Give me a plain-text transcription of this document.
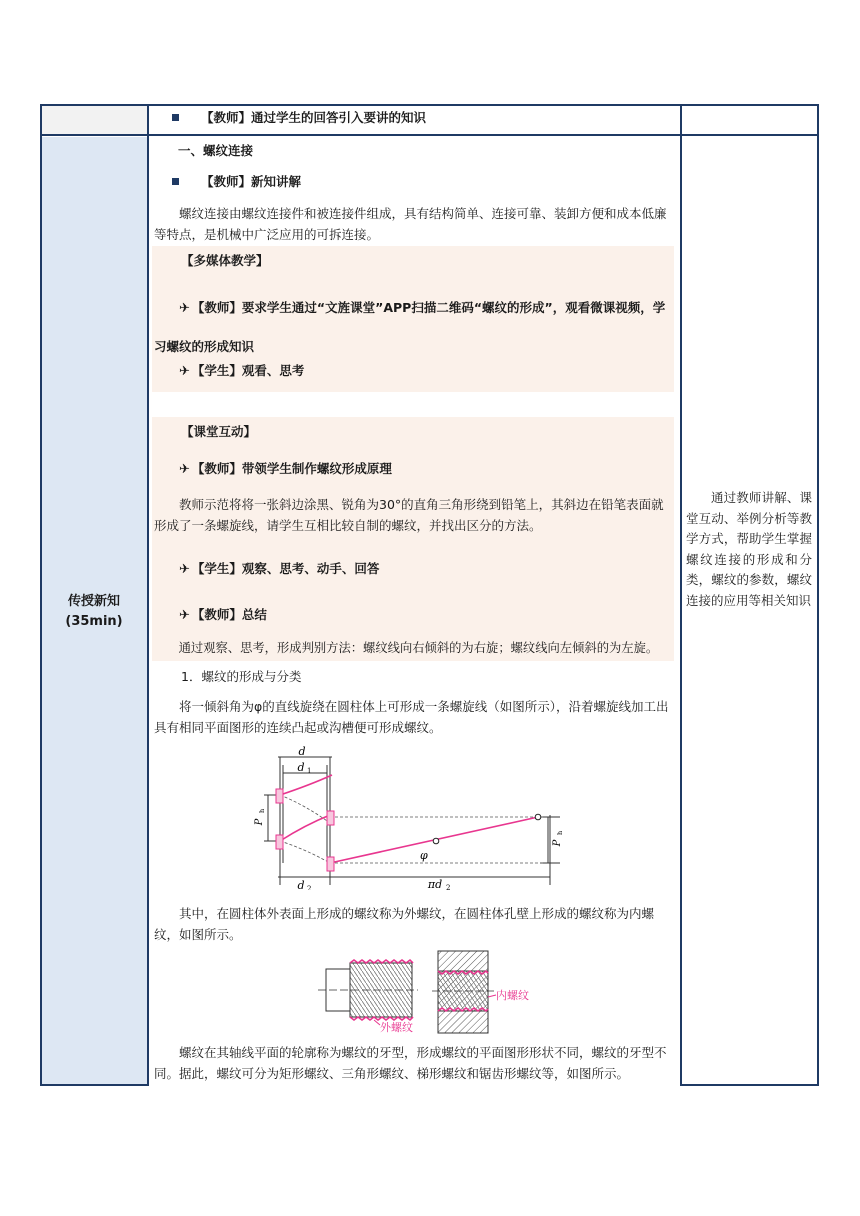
【教师】通过学生的回答引入要讲的知识
传授新知
(35min)
通过教师讲解、课堂互动、举例分析等教学方式，帮助学生掌握螺纹连接的形成和分类，螺纹的参数，螺纹连接的应用等相关知识
一、螺纹连接
【教师】新知讲解
螺纹连接由螺纹连接件和被连接件组成，具有结构简单、连接可靠、装卸方便和成本低廉等特点，是机械中广泛应用的可拆连接。
【多媒体教学】
✈ 【教师】要求学生通过“文旌课堂”APP扫描二维码“螺纹的形成”，观看微课视频，学习螺纹的形成知识
✈ 【学生】观看、思考
【课堂互动】
✈ 【教师】带领学生制作螺纹形成原理
教师示范将将一张斜边涂黑、锐角为30°的直角三角形绕到铅笔上，其斜边在铅笔表面就形成了一条螺旋线，请学生互相比较自制的螺纹，并找出区分的方法。
✈ 【学生】观察、思考、动手、回答
✈ 【教师】总结
通过观察、思考，形成判别方法：螺纹线向右倾斜的为右旋；螺纹线向左倾斜的为左旋。
1．螺纹的形成与分类
将一倾斜角为φ的直线旋绕在圆柱体上可形成一条螺旋线（如图所示），沿着螺旋线加工出具有相同平面图形的连续凸起或沟槽便可形成螺纹。
d
d 1
d 2
P
h
P
h
φ
πd 2
其中，在圆柱体外表面上形成的螺纹称为外螺纹，在圆柱体孔壁上形成的螺纹称为内螺纹，如图所示。
外螺纹
内螺纹
螺纹在其轴线平面的轮廓称为螺纹的牙型，形成螺纹的平面图形形状不同，螺纹的牙型不同。据此，螺纹可分为矩形螺纹、三角形螺纹、梯形螺纹和锯齿形螺纹等，如图所示。
